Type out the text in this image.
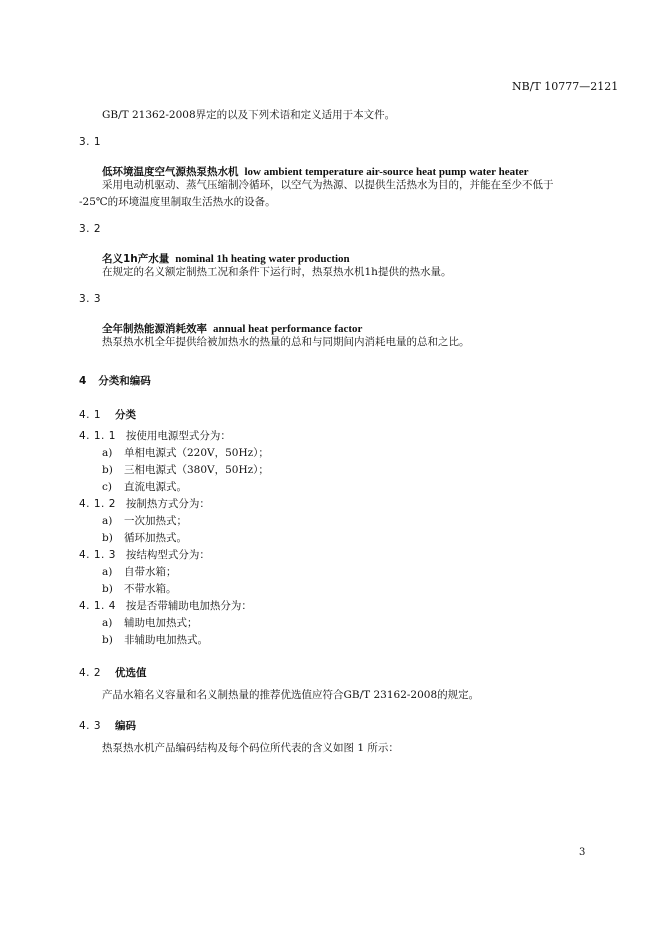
NB/T 10777—2121
GB/T 21362-2008界定的以及下列术语和定义适用于本文件。
3. 1
低环境温度空气源热泵热水机 low ambient temperature air-source heat pump water heater
采用电动机驱动、蒸气压缩制冷循环，以空气为热源、以提供生活热水为目的，并能在至少不低于
-25℃的环境温度里制取生活热水的设备。
3. 2
名义1h产水量 nominal 1h heating water production
在规定的名义额定制热工况和条件下运行时，热泵热水机1h提供的热水量。
3. 3
全年制热能源消耗效率 annual heat performance factor
热泵热水机全年提供给被加热水的热量的总和与同期间内消耗电量的总和之比。
4 分类和编码
4. 1 分类
4. 1. 1 按使用电源型式分为：
a) 单相电源式（220V，50Hz）；
b) 三相电源式（380V，50Hz）；
c) 直流电源式。
4. 1. 2 按制热方式分为：
a) 一次加热式；
b) 循环加热式。
4. 1. 3 按结构型式分为：
a) 自带水箱；
b) 不带水箱。
4. 1. 4 按是否带辅助电加热分为：
a) 辅助电加热式；
b) 非辅助电加热式。
4. 2 优选值
产品水箱名义容量和名义制热量的推荐优选值应符合GB/T 23162-2008的规定。
4. 3 编码
热泵热水机产品编码结构及每个码位所代表的含义如图 1 所示：
3
